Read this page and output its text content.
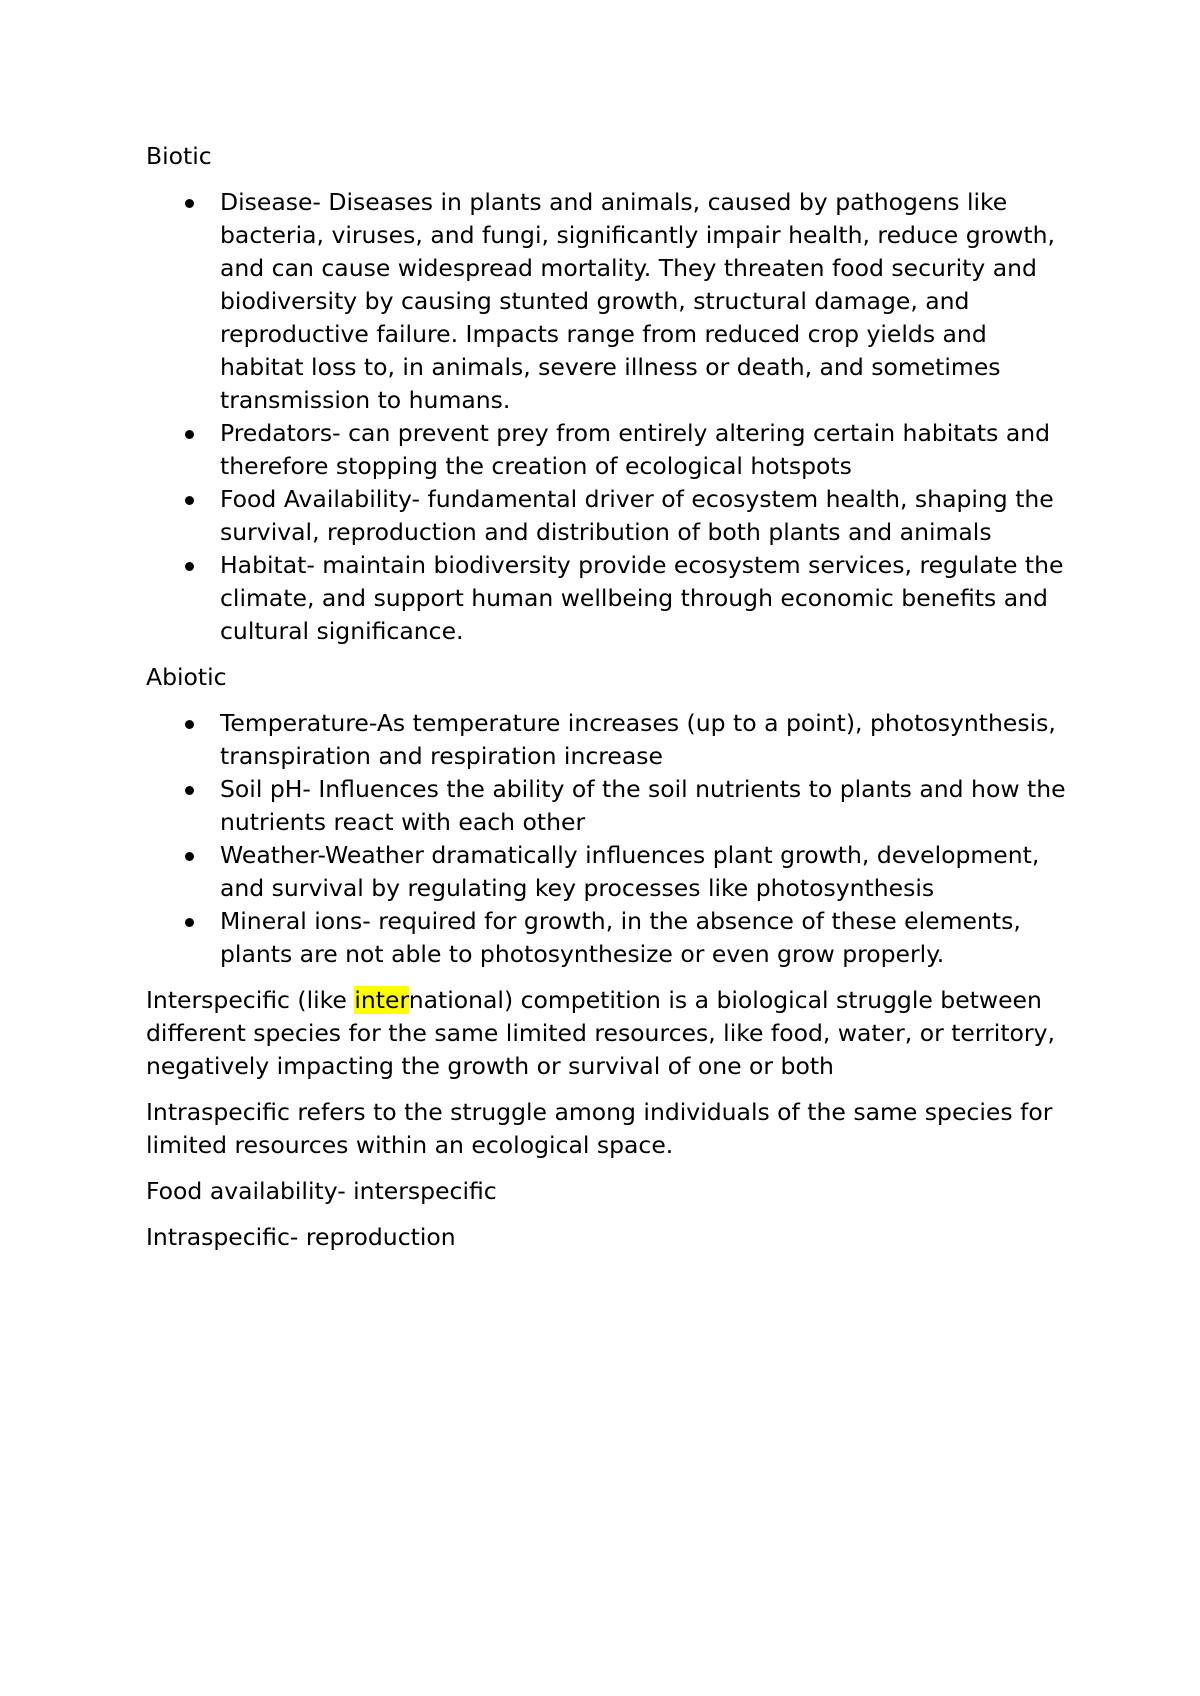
Biotic

Disease- Diseases in plants and animals, caused by pathogens like bacteria, viruses, and fungi, significantly impair health, reduce growth, and can cause widespread mortality. They threaten food security and biodiversity by causing stunted growth, structural damage, and reproductive failure. Impacts range from reduced crop yields and habitat loss to, in animals, severe illness or death, and sometimes transmission to humans.
Predators- can prevent prey from entirely altering certain habitats and therefore stopping the creation of ecological hotspots
Food Availability- fundamental driver of ecosystem health, shaping the survival, reproduction and distribution of both plants and animals
Habitat- maintain biodiversity provide ecosystem services, regulate the climate, and support human wellbeing through economic benefits and cultural significance.

Abiotic

Temperature-As temperature increases (up to a point), photosynthesis, transpiration and respiration increase
Soil pH- Influences the ability of the soil nutrients to plants and how the nutrients react with each other
Weather-Weather dramatically influences plant growth, development, and survival by regulating key processes like photosynthesis
Mineral ions- required for growth, in the absence of these elements, plants are not able to photosynthesize or even grow properly.

Interspecific (like international) competition is a biological struggle between different species for the same limited resources, like food, water, or territory, negatively impacting the growth or survival of one or both

Intraspecific refers to the struggle among individuals of the same species for limited resources within an ecological space.

Food availability- interspecific

Intraspecific- reproduction
